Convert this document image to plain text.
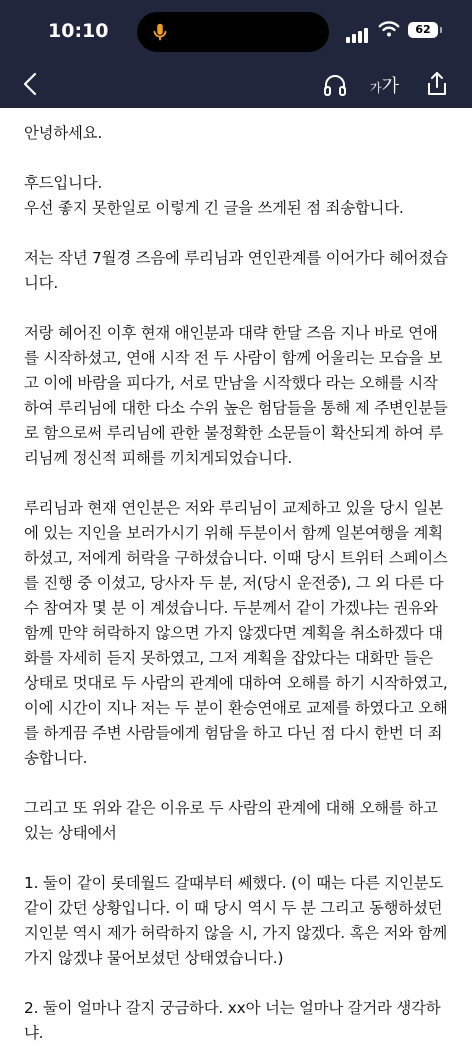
10:10	62
가가

안녕하세요.

후드입니다.

우선 좋지 못한일로 이렇게 긴 글을 쓰게된 점 죄송합니다.

저는 작년 7월경 즈음에 루리님과 연인관계를 이어가다 헤어졌습니다.

저랑 헤어진 이후 현재 애인분과 대략 한달 즈음 지나 바로 연애를 시작하셨고, 연애 시작 전 두 사람이 함께 어울리는 모습을 보고 이에 바람을 피다가, 서로 만남을 시작했다 라는 오해를 시작하여 루리님에 대한 다소 수위 높은 험담들을 통해 제 주변인분들로 함으로써 루리님에 관한 불정확한 소문들이 확산되게 하여 루리님께 정신적 피해를 끼치게되었습니다.

루리님과 현재 연인분은 저와 루리님이 교제하고 있을 당시 일본에 있는 지인을 보러가시기 위해 두분이서 함께 일본여행을 계획하셨고, 저에게 허락을 구하셨습니다. 이때 당시 트위터 스페이스를 진행 중 이셨고, 당사자 두 분, 저(당시 운전중), 그 외 다른 다수 참여자 몇 분 이 계셨습니다. 두분께서 같이 가겠냐는 권유와 함께 만약 허락하지 않으면 가지 않겠다면 계획을 취소하겠다 대화를 자세히 듣지 못하였고, 그저 계획을 잡았다는 대화만 들은 상태로 멋대로 두 사람의 관계에 대하여 오해를 하기 시작하였고, 이에 시간이 지나 저는 두 분이 환승연애로 교제를 하였다고 오해를 하게끔 주변 사람들에게 험담을 하고 다닌 점 다시 한번 더 죄송합니다.

그리고 또 위와 같은 이유로 두 사람의 관계에 대해 오해를 하고 있는 상태에서

1. 둘이 같이 롯데월드 갈때부터 쎄했다. (이 때는 다른 지인분도 같이 갔던 상황입니다. 이 때 당시 역시 두 분 그리고 동행하셨던 지인분 역시 제가 허락하지 않을 시, 가지 않겠다. 혹은 저와 함께 가지 않겠냐 물어보셨던 상태였습니다.)

2. 둘이 얼마나 갈지 궁금하다. xx아 너는 얼마나 갈거라 생각하냐.
